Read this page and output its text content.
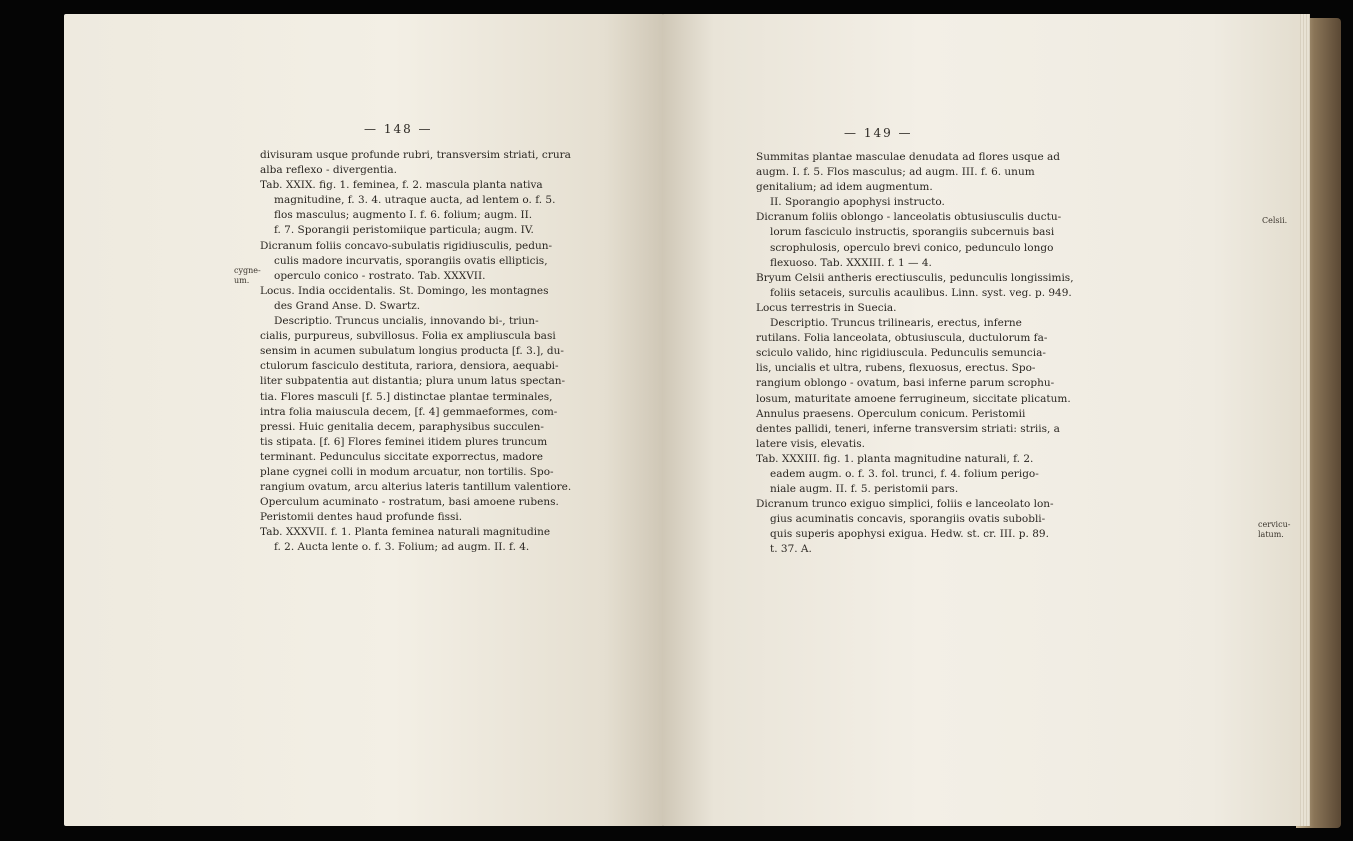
— 148 —
cygne-
um.
divisuram usque profunde rubri, transversim striati, crura
alba reflexo - divergentia.
Tab. XXIX. fig. 1. feminea, f. 2. mascula planta nativa
magnitudine, f. 3. 4. utraque aucta, ad lentem o. f. 5.
flos masculus; augmento I. f. 6. folium; augm. II.
f. 7. Sporangii peristomiique particula; augm. IV.
Dicranum foliis concavo-subulatis rigidiusculis, pedun-
culis madore incurvatis, sporangiis ovatis ellipticis,
operculo conico - rostrato. Tab. XXXVII.
Locus. India occidentalis. St. Domingo, les montagnes
des Grand Anse. D. Swartz.
Descriptio. Truncus uncialis, innovando bi-, triun-
cialis, purpureus, subvillosus. Folia ex ampliuscula basi
sensim in acumen subulatum longius producta [f. 3.], du-
ctulorum fasciculo destituta, rariora, densiora, aequabi-
liter subpatentia aut distantia; plura unum latus spectan-
tia. Flores masculi [f. 5.] distinctae plantae terminales,
intra folia maiuscula decem, [f. 4] gemmaeformes, com-
pressi. Huic genitalia decem, paraphysibus succulen-
tis stipata. [f. 6] Flores feminei itidem plures truncum
terminant. Pedunculus siccitate exporrectus, madore
plane cygnei colli in modum arcuatur, non tortilis. Spo-
rangium ovatum, arcu alterius lateris tantillum valentiore.
Operculum acuminato - rostratum, basi amoene rubens.
Peristomii dentes haud profunde fissi.
Tab. XXXVII. f. 1. Planta feminea naturali magnitudine
f. 2. Aucta lente o. f. 3. Folium; ad augm. II. f. 4.
— 149 —
Celsii.
cervicu-
latum.
Summitas plantae masculae denudata ad flores usque ad
augm. I. f. 5. Flos masculus; ad augm. III. f. 6. unum
genitalium; ad idem augmentum.
II. Sporangio apophysi instructo.
Dicranum foliis oblongo - lanceolatis obtusiusculis ductu-
lorum fasciculo instructis, sporangiis subcernuis basi
scrophulosis, operculo brevi conico, pedunculo longo
flexuoso. Tab. XXXIII. f. 1 — 4.
Bryum Celsii antheris erectiusculis, pedunculis longissimis,
foliis setaceis, surculis acaulibus. Linn. syst. veg. p. 949.
Locus terrestris in Suecia.
Descriptio. Truncus trilinearis, erectus, inferne
rutilans. Folia lanceolata, obtusiuscula, ductulorum fa-
sciculo valido, hinc rigidiuscula. Pedunculis semuncia-
lis, uncialis et ultra, rubens, flexuosus, erectus. Spo-
rangium oblongo - ovatum, basi inferne parum scrophu-
losum, maturitate amoene ferrugineum, siccitate plicatum.
Annulus praesens. Operculum conicum. Peristomii
dentes pallidi, teneri, inferne transversim striati: striis, a
latere visis, elevatis.
Tab. XXXIII. fig. 1. planta magnitudine naturali, f. 2.
eadem augm. o. f. 3. fol. trunci, f. 4. folium perigo-
niale augm. II. f. 5. peristomii pars.
Dicranum trunco exiguo simplici, foliis e lanceolato lon-
gius acuminatis concavis, sporangiis ovatis subobli-
quis superis apophysi exigua. Hedw. st. cr. III. p. 89.
t. 37. A.
